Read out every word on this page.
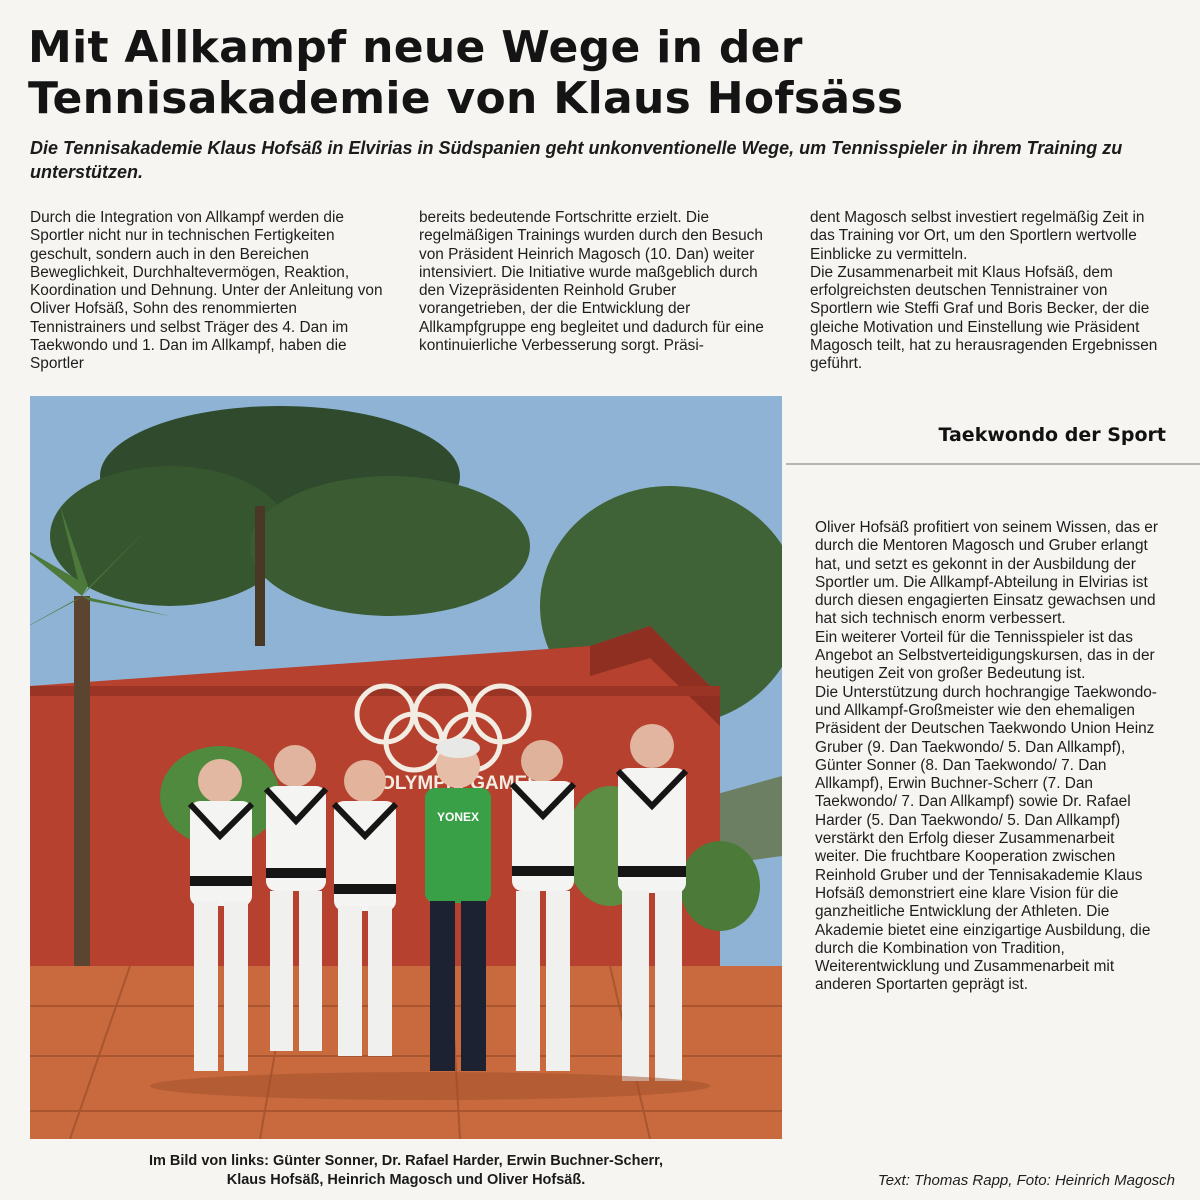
Mit Allkampf neue Wege in der
Tennisakademie von Klaus Hofsäss

Die Tennisakademie Klaus Hofsäß in Elvirias in Südspanien geht unkonventionelle Wege, um Tennisspieler in ihrem Training zu unterstützen.

Durch die Integration von Allkampf werden die Sportler nicht nur in technischen Fertigkeiten geschult, sondern auch in den Bereichen Beweglichkeit, Durchhaltevermögen, Reaktion, Koordination und Dehnung. Unter der Anleitung von Oliver Hofsäß, Sohn des renommierten Tennistrainers und selbst Träger des 4. Dan im Taekwondo und 1. Dan im Allkampf, haben die Sportler

bereits bedeutende Fortschritte erzielt. Die regelmäßigen Trainings wurden durch den Besuch von Präsident Heinrich Magosch (10. Dan) weiter intensiviert. Die Initiative wurde maßgeblich durch den Vizepräsidenten Reinhold Gruber vorangetrieben, der die Entwicklung der Allkampfgruppe eng begleitet und dadurch für eine kontinuierliche Verbesserung sorgt. Präsi-

dent Magosch selbst investiert regelmäßig Zeit in das Training vor Ort, um den Sportlern wertvolle Einblicke zu vermitteln.

Die Zusammenarbeit mit Klaus Hofsäß, dem erfolgreichsten deutschen Tennistrainer von Sportlern wie Steffi Graf und Boris Becker, der die gleiche Motivation und Einstellung wie Präsident Magosch teilt, hat zu herausragenden Ergebnissen geführt.

Taekwondo der Sport

Oliver Hofsäß profitiert von seinem Wissen, das er durch die Mentoren Magosch und Gruber erlangt hat, und setzt es gekonnt in der Ausbildung der Sportler um. Die Allkampf-Abteilung in Elvirias ist durch diesen engagierten Einsatz gewachsen und hat sich technisch enorm verbessert.

Ein weiterer Vorteil für die Tennisspieler ist das Angebot an Selbstverteidigungskursen, das in der heutigen Zeit von großer Bedeutung ist.

Die Unterstützung durch hochrangige Taekwondo- und Allkampf-Großmeister wie den ehemaligen Präsident der Deutschen Taekwondo Union Heinz Gruber (9. Dan Taekwondo/ 5. Dan Allkampf), Günter Sonner (8. Dan Taekwondo/ 7. Dan Allkampf), Erwin Buchner-Scherr (7. Dan Taekwondo/ 7. Dan Allkampf) sowie Dr. Rafael Harder (5. Dan Taekwondo/ 5. Dan Allkampf) verstärkt den Erfolg dieser Zusammenarbeit weiter. Die fruchtbare Kooperation zwischen Reinhold Gruber und der Tennisakademie Klaus Hofsäß demonstriert eine klare Vision für die ganzheitliche Entwicklung der Athleten. Die Akademie bietet eine einzigartige Ausbildung, die durch die Kombination von Tradition, Weiterentwicklung und Zusammenarbeit mit anderen Sportarten geprägt ist.

OLYMPIC GAMES
YONEX
Im Bild von links: Günter Sonner, Dr. Rafael Harder, Erwin Buchner-Scherr,
Klaus Hofsäß, Heinrich Magosch und Oliver Hofsäß.	Text: Thomas Rapp, Foto: Heinrich Magosch
